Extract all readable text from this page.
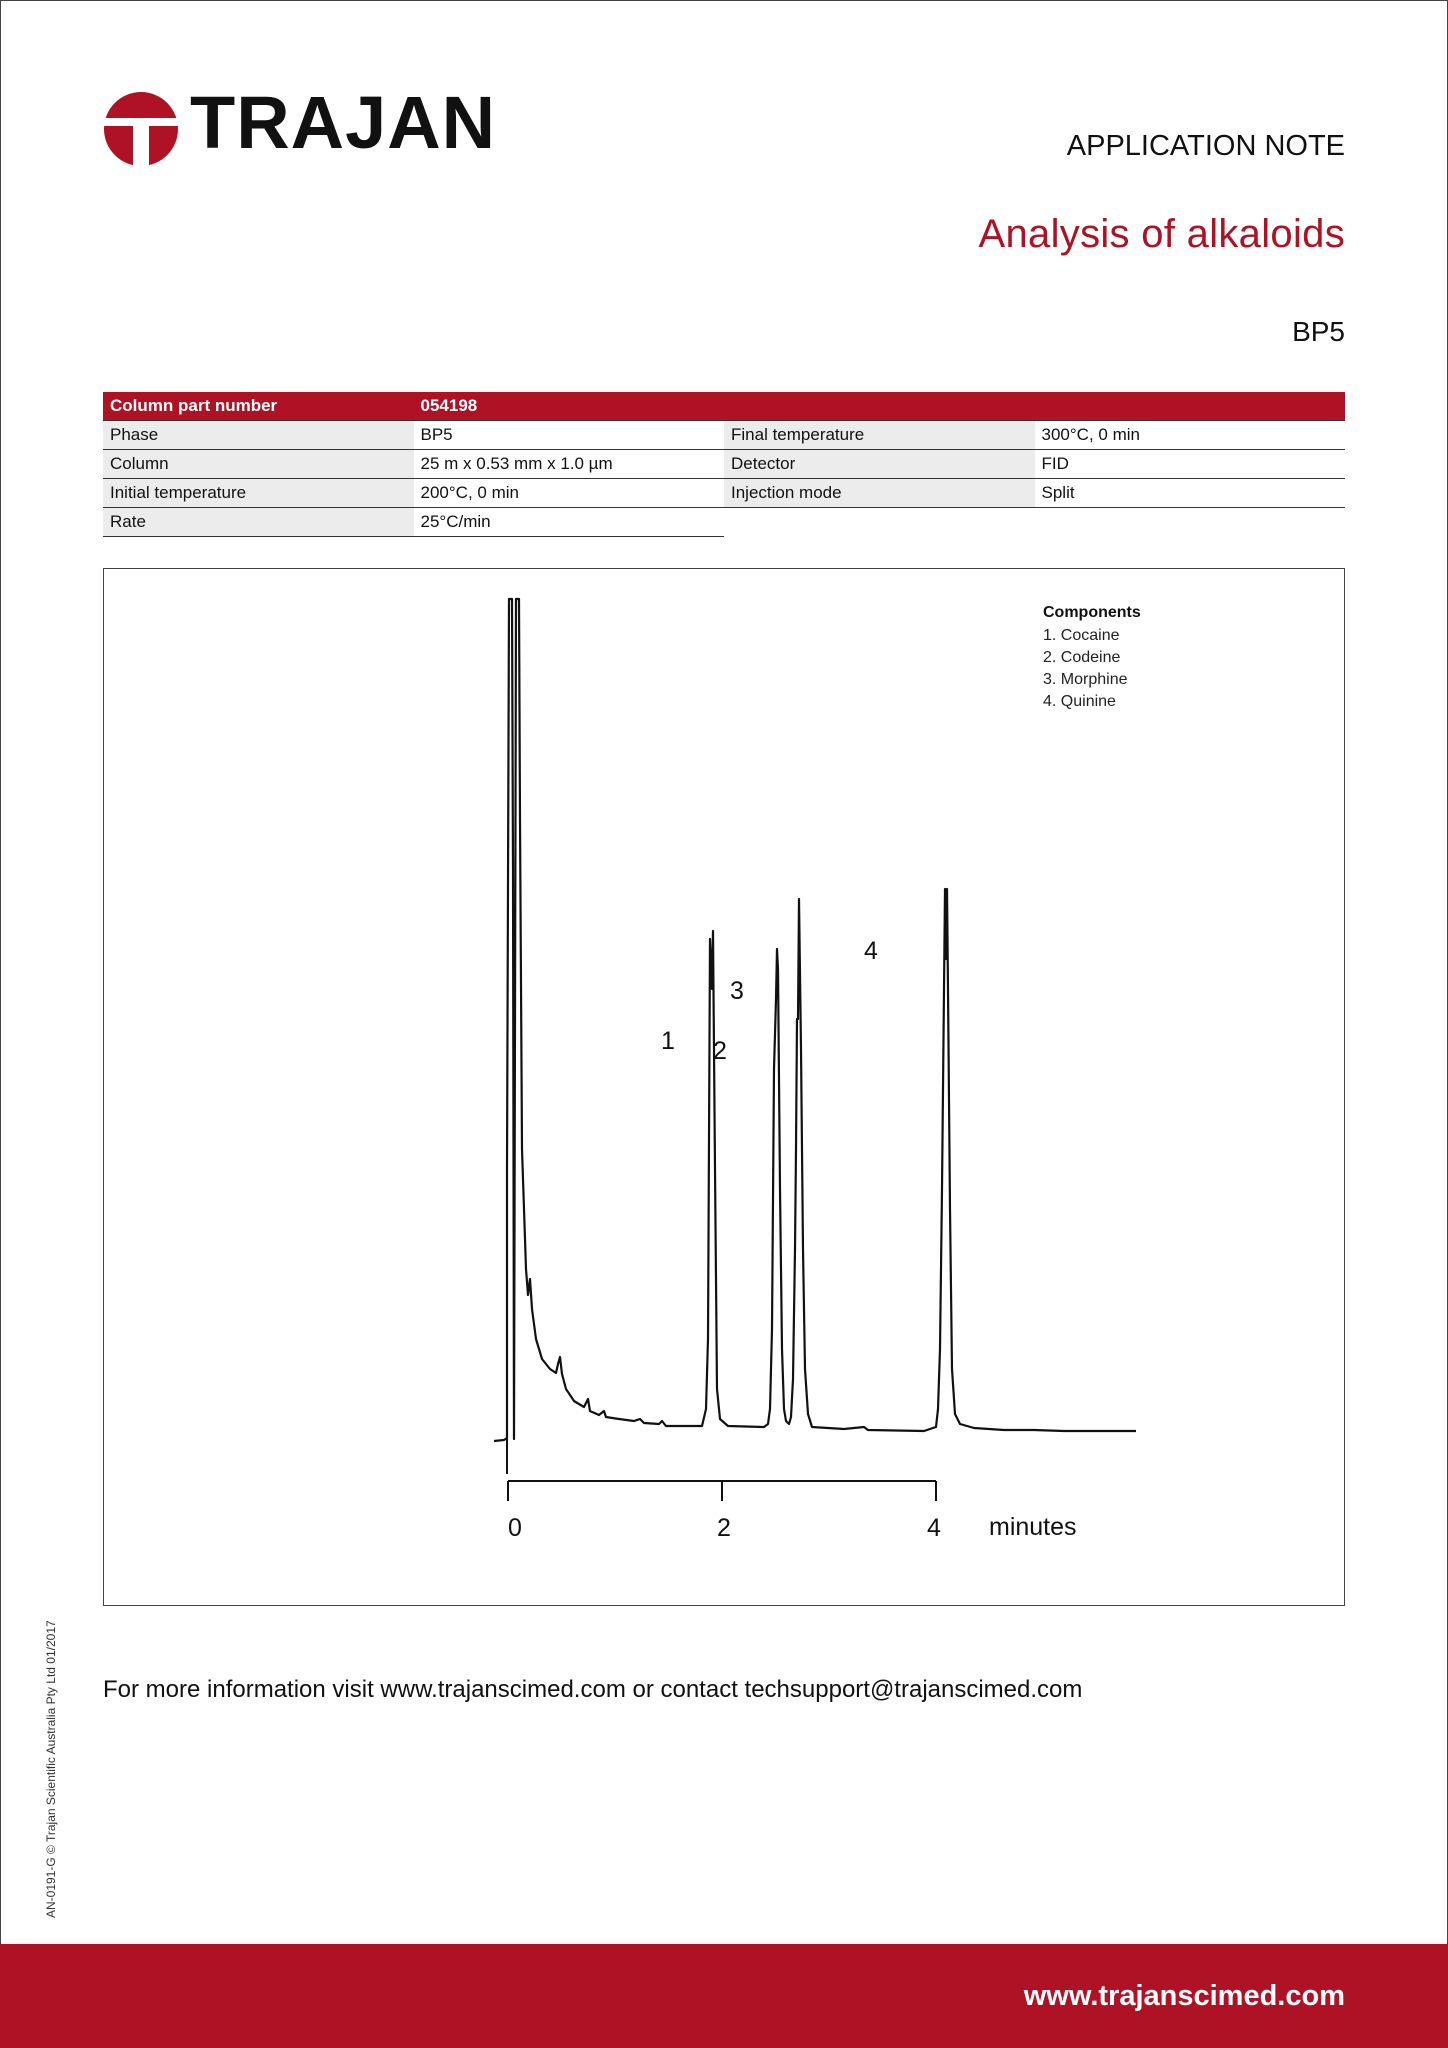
TRAJAN	APPLICATION NOTE
Analysis of alkaloids
BP5
Column part number	054198		
Phase	BP5	Final temperature	300°C, 0 min
Column	25 m x 0.53 mm x 1.0 µm	Detector	FID
Initial temperature	200°C, 0 min	Injection mode	Split
Rate	25°C/min		
Components
1. Cocaine
2. Codeine
3. Morphine
4. Quinine
1 2
3
4
0	2	4 minutes
For more information visit www.trajanscimed.com or contact techsupport@trajanscimed.com
AN-0191-G © Trajan Scientific Australia Pty Ltd 01/2017
www.trajanscimed.com
